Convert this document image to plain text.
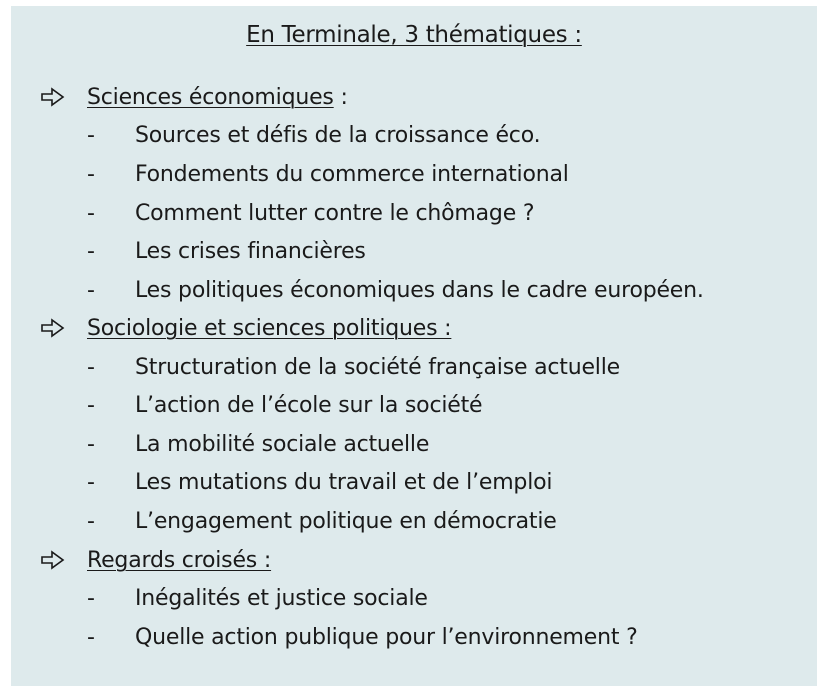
En Terminale, 3 thématiques :
Sciences économiques :
- Sources et défis de la croissance éco.
- Fondements du commerce international
- Comment lutter contre le chômage ?
- Les crises financières
- Les politiques économiques dans le cadre européen.
Sociologie et sciences politiques :
- Structuration de la société française actuelle
- L’action de l’école sur la société
- La mobilité sociale actuelle
- Les mutations du travail et de l’emploi
- L’engagement politique en démocratie
Regards croisés :
- Inégalités et justice sociale
- Quelle action publique pour l’environnement ?
